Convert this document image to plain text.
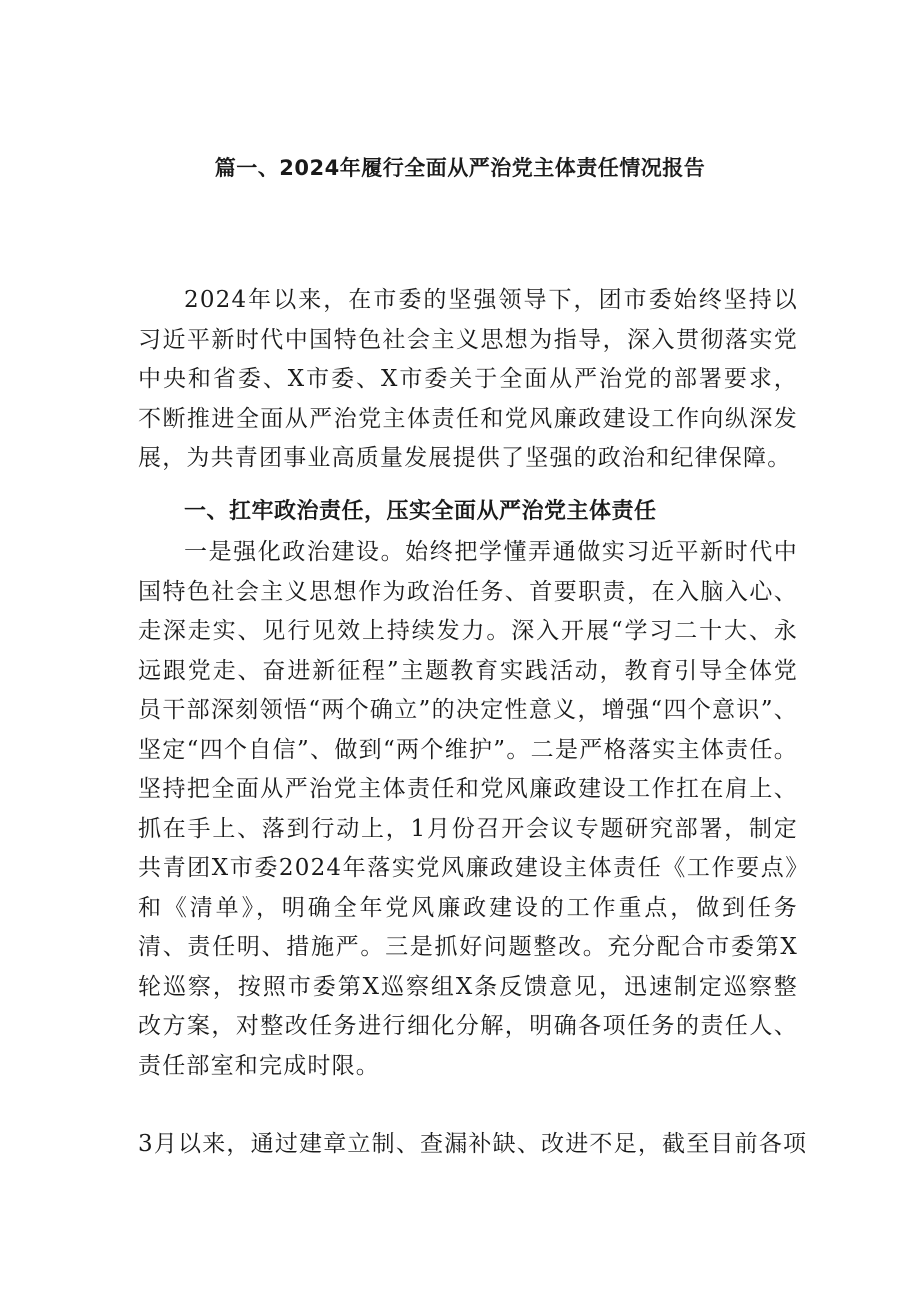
篇一、2024年履行全面从严治党主体责任情况报告

2024年以来，在市委的坚强领导下，团市委始终坚持以习近平新时代中国特色社会主义思想为指导，深入贯彻落实党中央和省委、X市委、X市委关于全面从严治党的部署要求，不断推进全面从严治党主体责任和党风廉政建设工作向纵深发展，为共青团事业高质量发展提供了坚强的政治和纪律保障。

一、扛牢政治责任，压实全面从严治党主体责任

一是强化政治建设。始终把学懂弄通做实习近平新时代中国特色社会主义思想作为政治任务、首要职责，在入脑入心、走深走实、见行见效上持续发力。深入开展“学习二十大、永远跟党走、奋进新征程”主题教育实践活动，教育引导全体党员干部深刻领悟“两个确立”的决定性意义，增强“四个意识”、坚定“四个自信”、做到“两个维护”。二是严格落实主体责任。坚持把全面从严治党主体责任和党风廉政建设工作扛在肩上、抓在手上、落到行动上，1月份召开会议专题研究部署，制定共青团X市委2024年落实党风廉政建设主体责任《工作要点》和《清单》，明确全年党风廉政建设的工作重点，做到任务清、责任明、措施严。三是抓好问题整改。充分配合市委第X轮巡察，按照市委第X巡察组X条反馈意见，迅速制定巡察整改方案，对整改任务进行细化分解，明确各项任务的责任人、责任部室和完成时限。

3月以来，通过建章立制、查漏补缺、改进不足，截至目前各项
